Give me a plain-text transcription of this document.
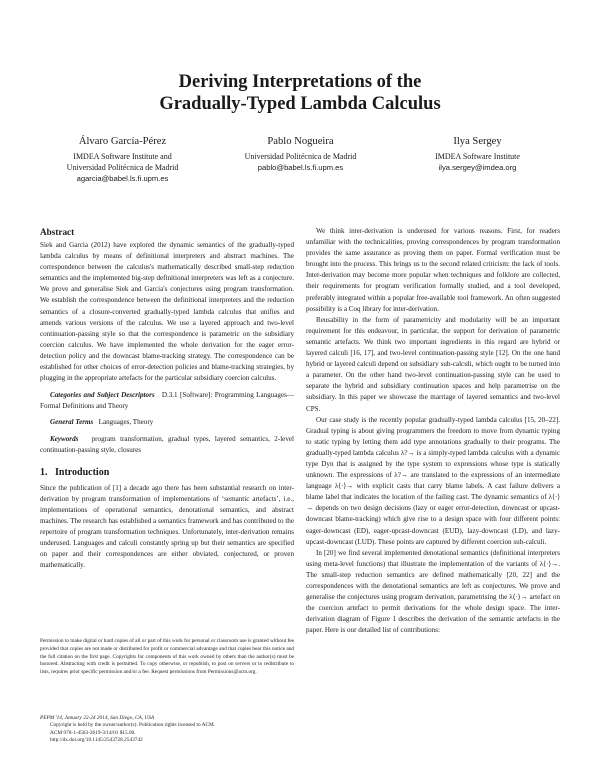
Deriving Interpretations of the
Gradually-Typed Lambda Calculus
Álvaro García-Pérez
IMDEA Software Institute and
Universidad Politécnica de Madrid
agarcia@babel.ls.fi.upm.es
Pablo Nogueira
Universidad Politécnica de Madrid
pablo@babel.ls.fi.upm.es
Ilya Sergey
IMDEA Software Institute
ilya.sergey@imdea.org
Abstract

Siek and Garcia (2012) have explored the dynamic semantics of the gradually-typed lambda calculus by means of definitional interpreters and abstract machines. The correspondence between the calculus's mathematically described small-step reduction semantics and the implemented big-step definitional interpreters was left as a conjecture. We prove and generalise Siek and Garcia's conjectures using program transformation. We establish the correspondence between the definitional interpreters and the reduction semantics of a closure-converted gradually-typed lambda calculus that unifies and amends various versions of the calculus. We use a layered approach and two-level continuation-passing style so that the correspondence is parametric on the subsidiary coercion calculus. We have implemented the whole derivation for the eager error-detection policy and the downcast blame-tracking strategy. The correspondence can be established for other choices of error-detection policies and blame-tracking strategies, by plugging in the appropriate artefacts for the particular subsidiary coercion calculus.

Categories and Subject Descriptors D.3.1 [Software]: Programming Languages—Formal Definitions and Theory

General Terms Languages, Theory

Keywords program transformation, gradual types, layered semantics, 2-level continuation-passing style, closures

1.   Introduction

Since the publication of [1] a decade ago there has been substantial research on inter-derivation by program transformation of implementations of ‘semantic artefacts’, i.e., implementations of operational semantics, denotational semantics, and abstract machines. The research has established a semantics framework and has contributed to the repertoire of program transformation techniques. Unfortunately, inter-derivation remains underused. Languages and calculi constantly spring up but their semantics are specified on paper and their correspondences are either obviated, conjectured, or proven mathematically.

Permission to make digital or hard copies of all or part of this work for personal or classroom use is granted without fee provided that copies are not made or distributed for profit or commercial advantage and that copies bear this notice and the full citation on the first page. Copyrights for components of this work owned by others than the author(s) must be honored. Abstracting with credit is permitted. To copy otherwise, or republish, to post on servers or to redistribute to lists, requires prior specific permission and/or a fee. Request permissions from Permissions@acm.org.

PEPM '14, January 22-24 2014, San Diego, CA, USA

Copyright is held by the owner/author(s). Publication rights licensed to ACM.

ACM 978-1-4503-2619-3/14/01 $15.00.

http://dx.doi.org/10.1145/2543728.2543742

We think inter-derivation is underused for various reasons. First, for readers unfamiliar with the technicalities, proving correspondences by program transformation provides the same assurance as proving them on paper. Formal verification must be brought into the process. This brings us to the second related criticism: the lack of tools. Inter-derivation may become more popular when techniques and folklore are collected, their requirements for program verification formally studied, and a tool developed, preferably integrated within a popular free-available tool framework. An often suggested possibility is a Coq library for inter-derivation.

Reusability in the form of parametricity and modularity will be an important requirement for this endeavour, in particular, the support for derivation of parametric semantic artefacts. We think two important ingredients in this regard are hybrid or layered calculi [16, 17], and two-level continuation-passing style [12]. On the one hand hybrid or layered calculi depend on subsidiary sub-calculi, which ought to be turned into a parameter. On the other hand two-level continuation-passing style can be used to separate the hybrid and subsidiary continuation spaces and help parametrise on the subsidiary. In this paper we showcase the marriage of layered semantics and two-level CPS.

Our case study is the recently popular gradually-typed lambda calculus [15, 20–22]. Gradual typing is about giving programmers the freedom to move from dynamic typing to static typing by letting them add type annotations gradually to their programs. The gradually-typed lambda calculus λ?→ is a simply-typed lambda calculus with a dynamic type Dyn that is assigned by the type system to expressions whose type is statically unknown. The expressions of λ?→ are translated to the expressions of an intermediate language λ⟨·⟩→ with explicit casts that carry blame labels. A cast failure delivers a blame label that indicates the location of the failing cast. The dynamic semantics of λ⟨·⟩→ depends on two design decisions (lazy or eager error-detection, downcast or upcast-downcast blame-tracking) which give rise to a design space with four different points: eager-downcast (ED), eager-upcast-downcast (EUD), lazy-downcast (LD), and lazy-upcast-downcast (LUD). These points are captured by different coercion sub-calculi.

In [20] we find several implemented denotational semantics (definitional interpreters using meta-level functions) that illustrate the implementation of the variants of λ⟨·⟩→. The small-step reduction semantics are defined mathematically [20, 22] and the correspondences with the denotational semantics are left as conjectures. We prove and generalise the conjectures using program derivation, parametrising the λ⟨·⟩→ artefact on the coercion artefact to permit derivations for the whole design space. The inter-derivation diagram of Figure 1 describes the derivation of the semantic artefacts in the paper. Here is our detailed list of contributions:
